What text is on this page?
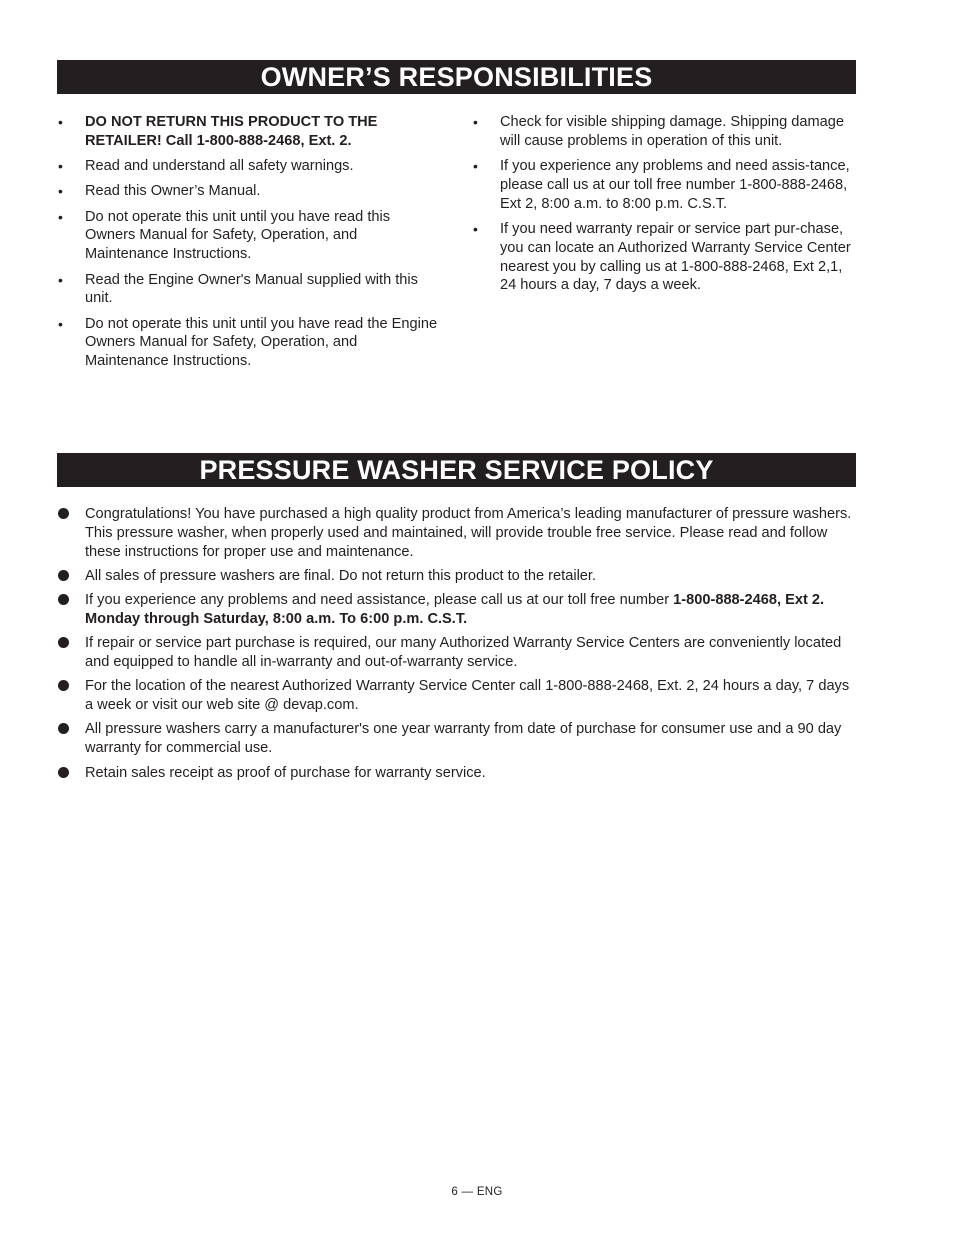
OWNER’S RESPONSIBILITIES
• DO NOT RETURN THIS PRODUCT TO THE RETAILER! Call 1-800-888-2468, Ext. 2.
• Read and understand all safety warnings.
• Read this Owner’s Manual.
• Do not operate this unit until you have read this Owners Manual for Safety, Operation, and Maintenance Instructions.
• Read the Engine Owner's Manual supplied with this unit.
• Do not operate this unit until you have read the Engine Owners Manual for Safety, Operation, and Maintenance Instructions.
• Check for visible shipping damage. Shipping damage will cause problems in operation of this unit.
• If you experience any problems and need assis-tance, please call us at our toll free number 1-800-888-2468, Ext 2, 8:00 a.m. to 8:00 p.m. C.S.T.
• If you need warranty repair or service part pur-chase, you can locate an Authorized Warranty Service Center nearest you by calling us at 1-800-888-2468, Ext 2,1, 24 hours a day, 7 days a week.
PRESSURE WASHER SERVICE POLICY
Congratulations! You have purchased a high quality product from America’s leading manufacturer of pressure washers. This pressure washer, when properly used and maintained, will provide trouble free service. Please read and follow these instructions for proper use and maintenance.
All sales of pressure washers are final. Do not return this product to the retailer.
If you experience any problems and need assistance, please call us at our toll free number 1-800-888-2468, Ext 2. Monday through Saturday, 8:00 a.m. To 6:00 p.m. C.S.T.
If repair or service part purchase is required, our many Authorized Warranty Service Centers are conveniently located and equipped to handle all in-warranty and out-of-warranty service.
For the location of the nearest Authorized Warranty Service Center call 1-800-888-2468, Ext. 2, 24 hours a day, 7 days a week or visit our web site @ devap.com.
All pressure washers carry a manufacturer's one year warranty from date of purchase for consumer use and a 90 day warranty for commercial use.
Retain sales receipt as proof of purchase for warranty service.
6 — ENG
